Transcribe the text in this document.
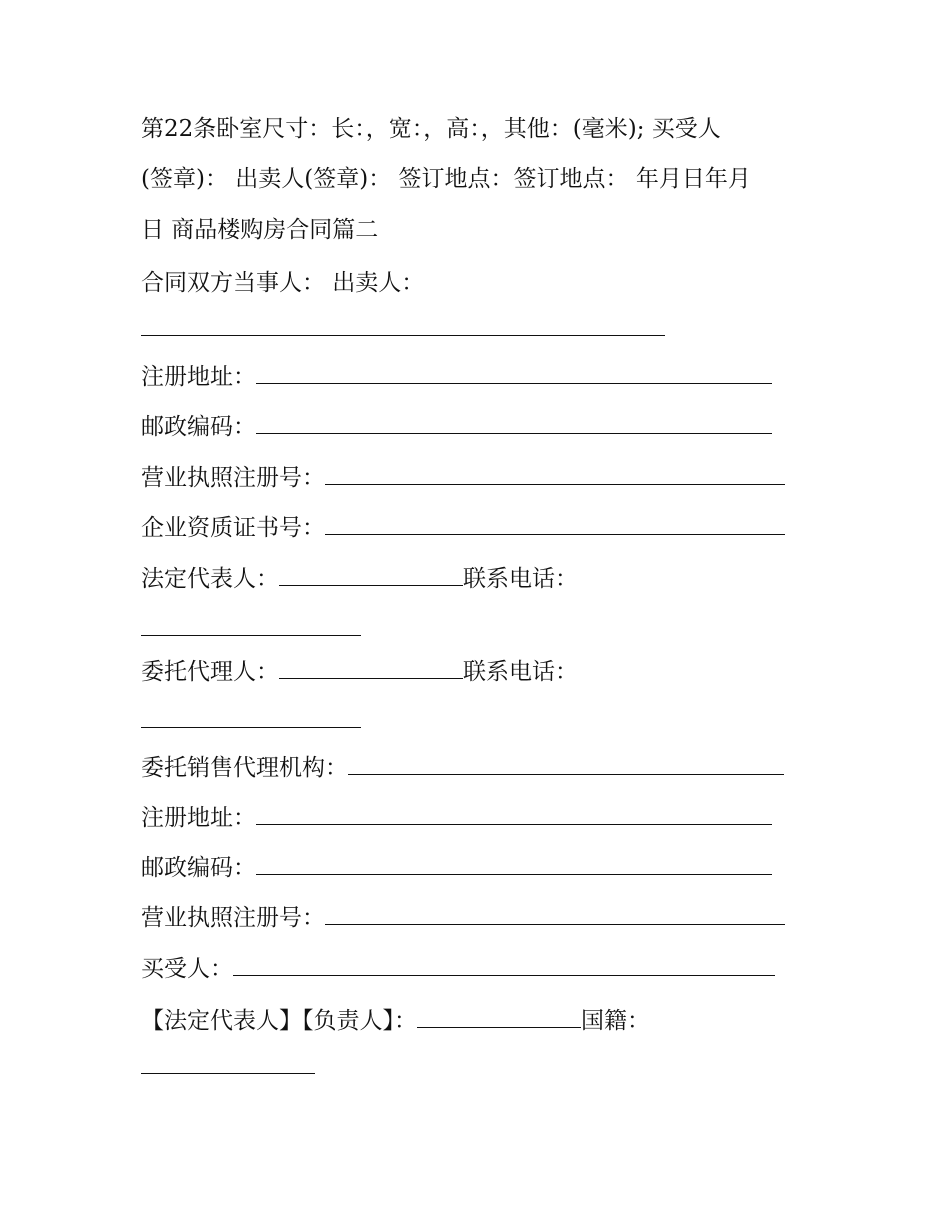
第22条卧室尺寸：长：，宽：，高：，其他：(毫米); 买受人
(签章)： 出卖人(签章)： 签订地点：签订地点： 年月日年月
日 商品楼购房合同篇二
合同双方当事人： 出卖人：
注册地址：
邮政编码：
营业执照注册号：
企业资质证书号：
法定代表人：	联系电话：
委托代理人：	联系电话：
委托销售代理机构：
注册地址：
邮政编码：
营业执照注册号：
买受人：
【法定代表人】【负责人】：	国籍：
